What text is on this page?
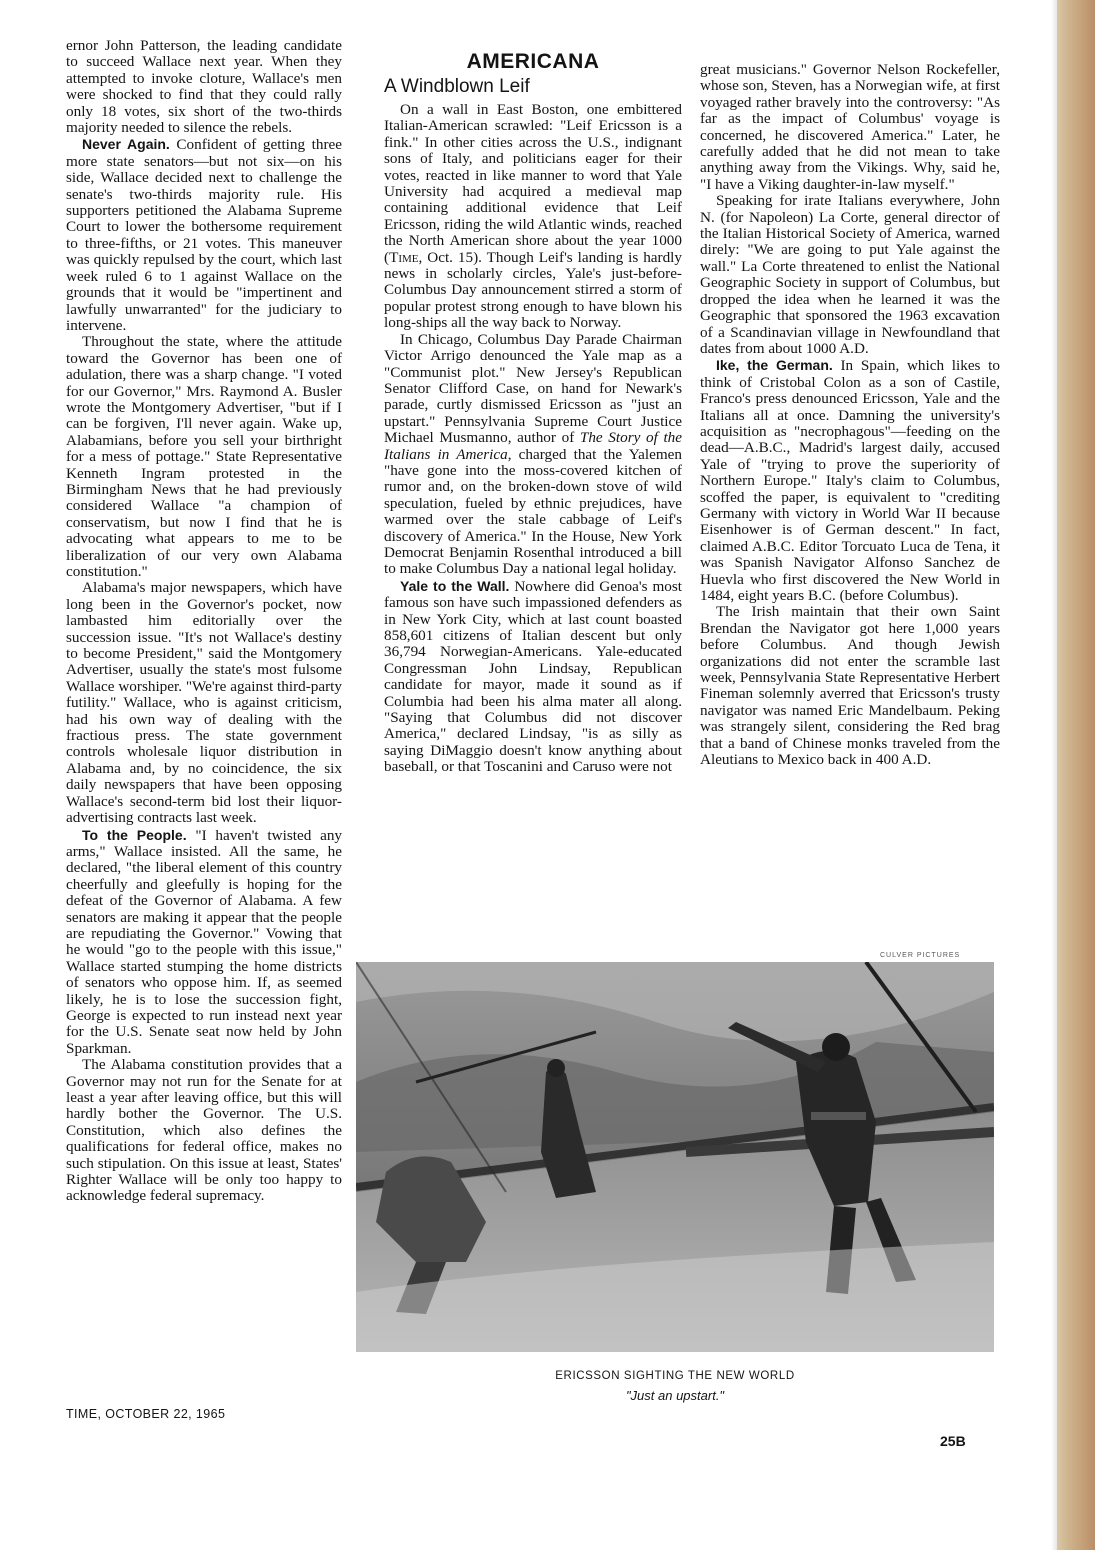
ernor John Patterson, the leading candidate to succeed Wallace next year. When they attempted to invoke cloture, Wallace's men were shocked to find that they could rally only 18 votes, six short of the two-thirds majority needed to silence the rebels.

Never Again. Confident of getting three more state senators—but not six—on his side, Wallace decided next to challenge the senate's two-thirds majority rule. His supporters petitioned the Alabama Supreme Court to lower the bothersome requirement to three-fifths, or 21 votes. This maneuver was quickly repulsed by the court, which last week ruled 6 to 1 against Wallace on the grounds that it would be "impertinent and lawfully unwarranted" for the judiciary to intervene.

Throughout the state, where the attitude toward the Governor has been one of adulation, there was a sharp change. "I voted for our Governor," Mrs. Raymond A. Busler wrote the Montgomery Advertiser, "but if I can be forgiven, I'll never again. Wake up, Alabamians, before you sell your birthright for a mess of pottage." State Representative Kenneth Ingram protested in the Birmingham News that he had previously considered Wallace "a champion of conservatism, but now I find that he is advocating what appears to me to be liberalization of our very own Alabama constitution."

Alabama's major newspapers, which have long been in the Governor's pocket, now lambasted him editorially over the succession issue. "It's not Wallace's destiny to become President," said the Montgomery Advertiser, usually the state's most fulsome Wallace worshiper. "We're against third-party futility." Wallace, who is against criticism, had his own way of dealing with the fractious press. The state government controls wholesale liquor distribution in Alabama and, by no coincidence, the six daily newspapers that have been opposing Wallace's second-term bid lost their liquor-advertising contracts last week.

To the People. "I haven't twisted any arms," Wallace insisted. All the same, he declared, "the liberal element of this country cheerfully and gleefully is hoping for the defeat of the Governor of Alabama. A few senators are making it appear that the people are repudiating the Governor." Vowing that he would "go to the people with this issue," Wallace started stumping the home districts of senators who oppose him. If, as seemed likely, he is to lose the succession fight, George is expected to run instead next year for the U.S. Senate seat now held by John Sparkman.

The Alabama constitution provides that a Governor may not run for the Senate for at least a year after leaving office, but this will hardly bother the Governor. The U.S. Constitution, which also defines the qualifications for federal office, makes no such stipulation. On this issue at least, States' Righter Wallace will be only too happy to acknowledge federal supremacy.

AMERICANA
A Windblown Leif

On a wall in East Boston, one embittered Italian-American scrawled: "Leif Ericsson is a fink." In other cities across the U.S., indignant sons of Italy, and politicians eager for their votes, reacted in like manner to word that Yale University had acquired a medieval map containing additional evidence that Leif Ericsson, riding the wild Atlantic winds, reached the North American shore about the year 1000 (Time, Oct. 15). Though Leif's landing is hardly news in scholarly circles, Yale's just-before-Columbus Day announcement stirred a storm of popular protest strong enough to have blown his long-ships all the way back to Norway.

In Chicago, Columbus Day Parade Chairman Victor Arrigo denounced the Yale map as a "Communist plot." New Jersey's Republican Senator Clifford Case, on hand for Newark's parade, curtly dismissed Ericsson as "just an upstart." Pennsylvania Supreme Court Justice Michael Musmanno, author of The Story of the Italians in America, charged that the Yalemen "have gone into the moss-covered kitchen of rumor and, on the broken-down stove of wild speculation, fueled by ethnic prejudices, have warmed over the stale cabbage of Leif's discovery of America." In the House, New York Democrat Benjamin Rosenthal introduced a bill to make Columbus Day a national legal holiday.

Yale to the Wall. Nowhere did Genoa's most famous son have such impassioned defenders as in New York City, which at last count boasted 858,601 citizens of Italian descent but only 36,794 Norwegian-Americans. Yale-educated Congressman John Lindsay, Republican candidate for mayor, made it sound as if Columbia had been his alma mater all along. "Saying that Columbus did not discover America," declared Lindsay, "is as silly as saying DiMaggio doesn't know anything about baseball, or that Toscanini and Caruso were not

great musicians." Governor Nelson Rockefeller, whose son, Steven, has a Norwegian wife, at first voyaged rather bravely into the controversy: "As far as the impact of Columbus' voyage is concerned, he discovered America." Later, he carefully added that he did not mean to take anything away from the Vikings. Why, said he, "I have a Viking daughter-in-law myself."

Speaking for irate Italians everywhere, John N. (for Napoleon) La Corte, general director of the Italian Historical Society of America, warned direly: "We are going to put Yale against the wall." La Corte threatened to enlist the National Geographic Society in support of Columbus, but dropped the idea when he learned it was the Geographic that sponsored the 1963 excavation of a Scandinavian village in Newfoundland that dates from about 1000 A.D.

Ike, the German. In Spain, which likes to think of Cristobal Colon as a son of Castile, Franco's press denounced Ericsson, Yale and the Italians all at once. Damning the university's acquisition as "necrophagous"—feeding on the dead—A.B.C., Madrid's largest daily, accused Yale of "trying to prove the superiority of Northern Europe." Italy's claim to Columbus, scoffed the paper, is equivalent to "crediting Germany with victory in World War II because Eisenhower is of German descent." In fact, claimed A.B.C. Editor Torcuato Luca de Tena, it was Spanish Navigator Alfonso Sanchez de Huevla who first discovered the New World in 1484, eight years B.C. (before Columbus).

The Irish maintain that their own Saint Brendan the Navigator got here 1,000 years before Columbus. And though Jewish organizations did not enter the scramble last week, Pennsylvania State Representative Herbert Fineman solemnly averred that Ericsson's trusty navigator was named Eric Mandelbaum. Peking was strangely silent, considering the Red brag that a band of Chinese monks traveled from the Aleutians to Mexico back in 400 A.D.

CULVER PICTURES
ERICSSON SIGHTING THE NEW WORLD
"Just an upstart."
TIME, OCTOBER 22, 1965
25B
